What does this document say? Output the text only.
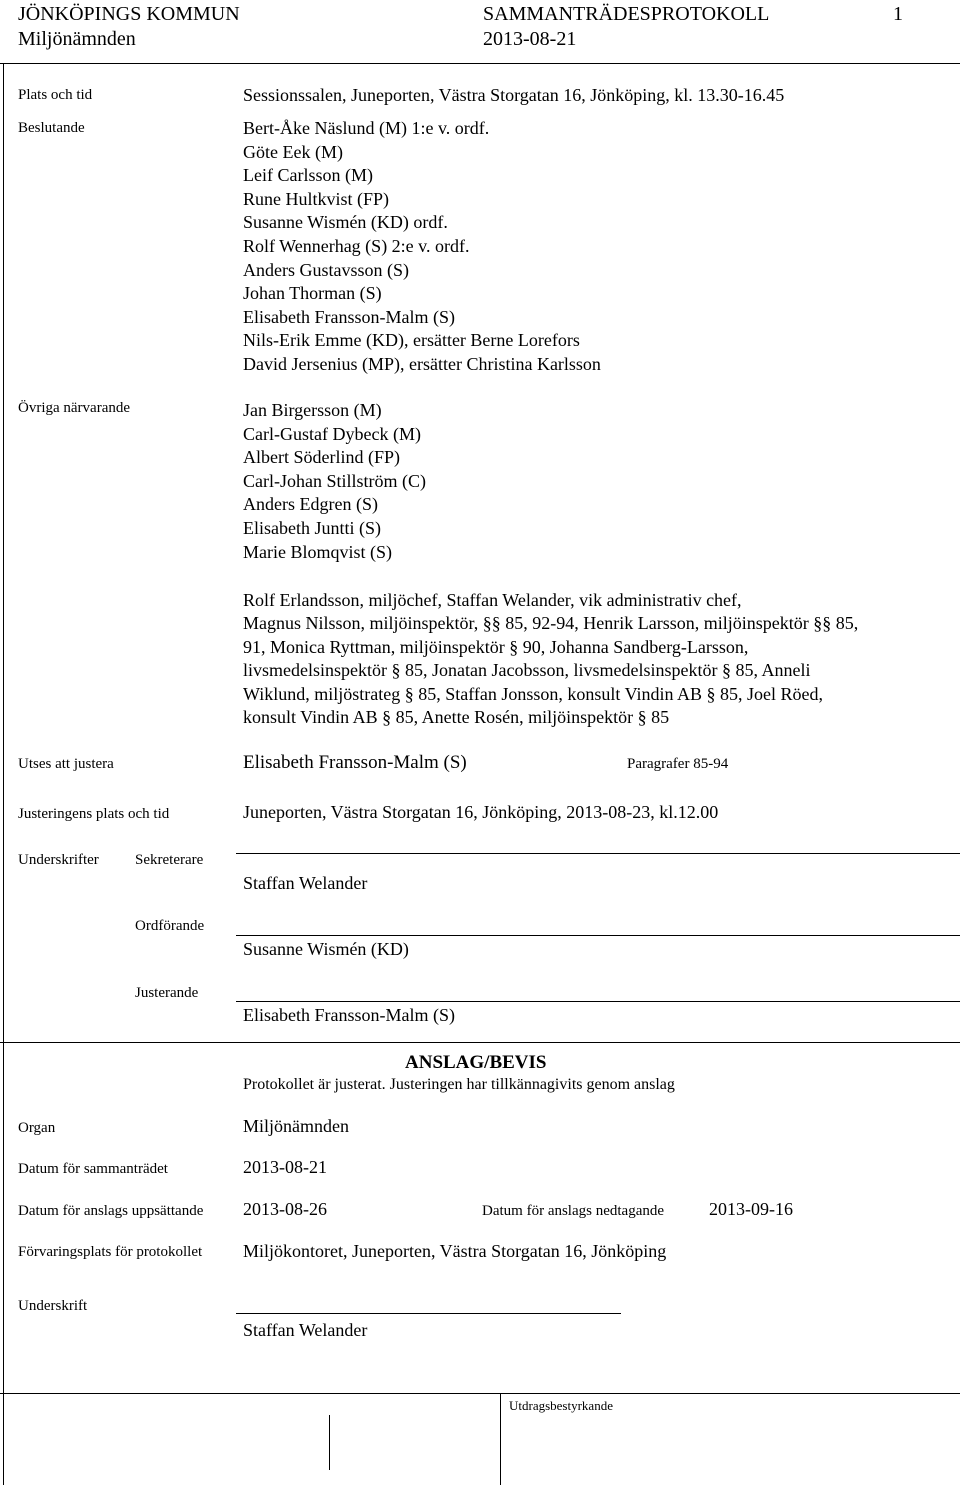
JÖNKÖPINGS KOMMUN
Miljönämnden
SAMMANTRÄDESPROTOKOLL
2013-08-21
1
Plats och tid	Sessionssalen, Juneporten, Västra Storgatan 16, Jönköping, kl. 13.30-16.45
Beslutande	Bert-Åke Näslund (M) 1:e v. ordf.
Göte Eek (M)
Leif Carlsson (M)
Rune Hultkvist (FP)
Susanne Wismén (KD) ordf.
Rolf Wennerhag (S) 2:e v. ordf.
Anders Gustavsson (S)
Johan Thorman (S)
Elisabeth Fransson-Malm (S)
Nils-Erik Emme (KD), ersätter Berne Lorefors
David Jersenius (MP), ersätter Christina Karlsson
Övriga närvarande	Jan Birgersson (M)
Carl-Gustaf Dybeck (M)
Albert Söderlind (FP)
Carl-Johan Stillström (C)
Anders Edgren (S)
Elisabeth Juntti (S)
Marie Blomqvist (S)
Rolf Erlandsson, miljöchef, Staffan Welander, vik administrativ chef,
Magnus Nilsson, miljöinspektör, §§ 85, 92-94, Henrik Larsson, miljöinspektör §§ 85,
91, Monica Ryttman, miljöinspektör § 90, Johanna Sandberg-Larsson,
livsmedelsinspektör § 85, Jonatan Jacobsson, livsmedelsinspektör § 85, Anneli
Wiklund, miljöstrateg § 85, Staffan Jonsson, konsult Vindin AB § 85, Joel Röed,
konsult Vindin AB § 85, Anette Rosén, miljöinspektör § 85
Utses att justera	Elisabeth Fransson-Malm (S)	Paragrafer 85-94
Justeringens plats och tid	Juneporten, Västra Storgatan 16, Jönköping, 2013-08-23, kl.12.00
Underskrifter Sekreterare
Staffan Welander
Ordförande
Susanne Wismén (KD)
Justerande
Elisabeth Fransson-Malm (S)
ANSLAG/BEVIS
Protokollet är justerat. Justeringen har tillkännagivits genom anslag
Organ	Miljönämnden
Datum för sammanträdet	2013-08-21
Datum för anslags uppsättande 2013-08-26	Datum för anslags nedtagande 2013-09-16
Förvaringsplats för protokollet Miljökontoret, Juneporten, Västra Storgatan 16, Jönköping
Underskrift
Staffan Welander
Utdragsbestyrkande
